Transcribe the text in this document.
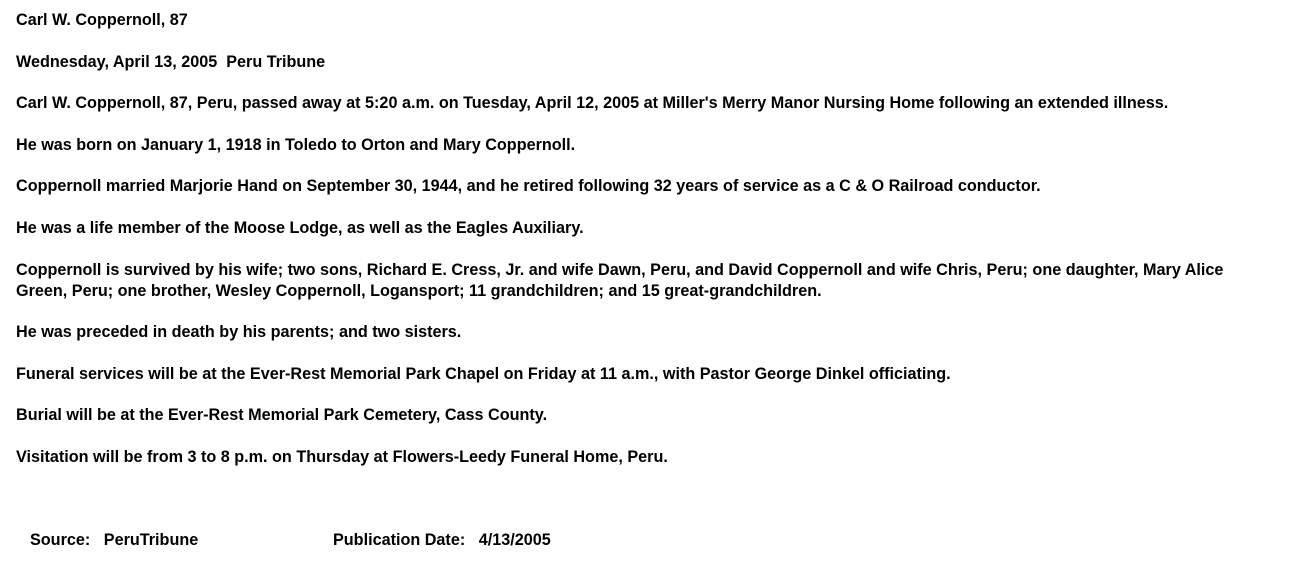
Carl W. Coppernoll, 87
Wednesday, April 13, 2005  Peru Tribune
Carl W. Coppernoll, 87, Peru, passed away at 5:20 a.m. on Tuesday, April 12, 2005 at Miller's Merry Manor Nursing Home following an extended illness.
He was born on January 1, 1918 in Toledo to Orton and Mary Coppernoll.
Coppernoll married Marjorie Hand on September 30, 1944, and he retired following 32 years of service as a C & O Railroad conductor.
He was a life member of the Moose Lodge, as well as the Eagles Auxiliary.
Coppernoll is survived by his wife; two sons, Richard E. Cress, Jr. and wife Dawn, Peru, and David Coppernoll and wife Chris, Peru; one daughter, Mary Alice Green, Peru; one brother, Wesley Coppernoll, Logansport; 11 grandchildren; and 15 great-grandchildren.
He was preceded in death by his parents; and two sisters.
Funeral services will be at the Ever-Rest Memorial Park Chapel on Friday at 11 a.m., with Pastor George Dinkel officiating.
Burial will be at the Ever-Rest Memorial Park Cemetery, Cass County.
Visitation will be from 3 to 8 p.m. on Thursday at Flowers-Leedy Funeral Home, Peru.
Source: PeruTribune	Publication Date: 4/13/2005
